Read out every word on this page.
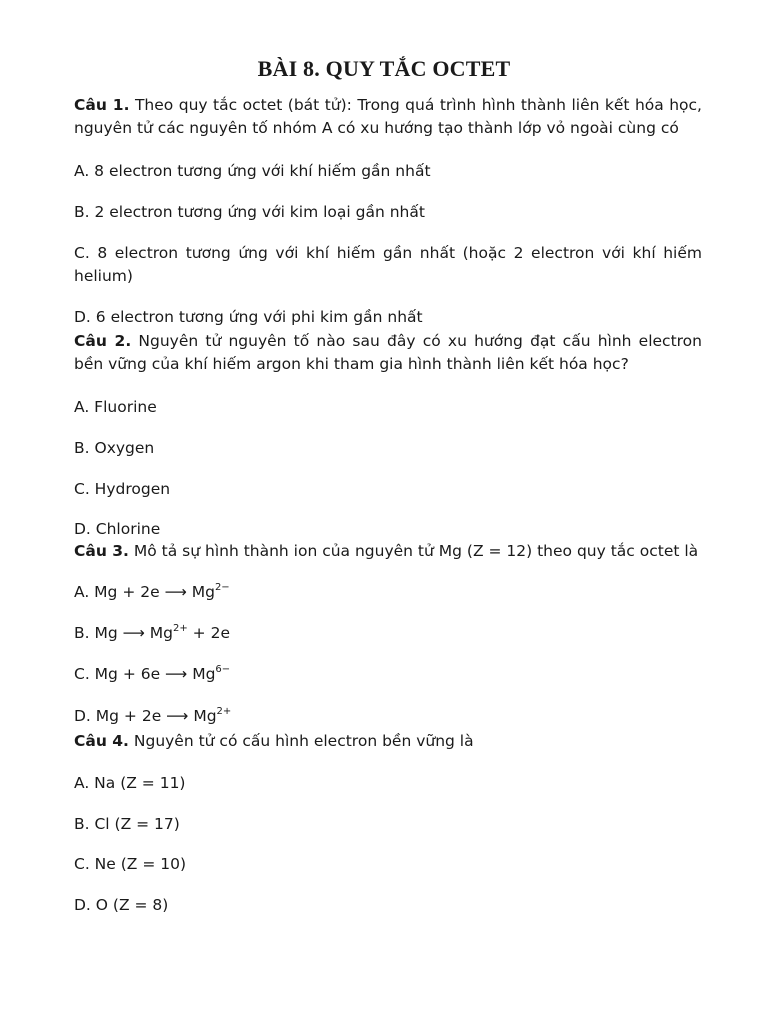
BÀI 8. QUY TẮC OCTET

Câu 1. Theo quy tắc octet (bát tử): Trong quá trình hình thành liên kết hóa học, nguyên tử các nguyên tố nhóm A có xu hướng tạo thành lớp vỏ ngoài cùng có

A. 8 electron tương ứng với khí hiếm gần nhất

B. 2 electron tương ứng với kim loại gần nhất

C. 8 electron tương ứng với khí hiếm gần nhất (hoặc 2 electron với khí hiếm helium)

D. 6 electron tương ứng với phi kim gần nhất

Câu 2. Nguyên tử nguyên tố nào sau đây có xu hướng đạt cấu hình electron bền vững của khí hiếm argon khi tham gia hình thành liên kết hóa học?

A. Fluorine

B. Oxygen

C. Hydrogen

D. Chlorine

Câu 3. Mô tả sự hình thành ion của nguyên tử Mg (Z = 12) theo quy tắc octet là

A. Mg + 2e ⟶ $Mg^{2-}$

B. Mg ⟶ $Mg^{2+} + 2e$

C. Mg + 6e ⟶ $Mg^{6-}$

D. Mg + 2e ⟶ $Mg^{2+}$

Câu 4. Nguyên tử có cấu hình electron bền vững là

A. Na (Z = 11)

B. Cl (Z = 17)

C. Ne (Z = 10)

D. O (Z = 8)
